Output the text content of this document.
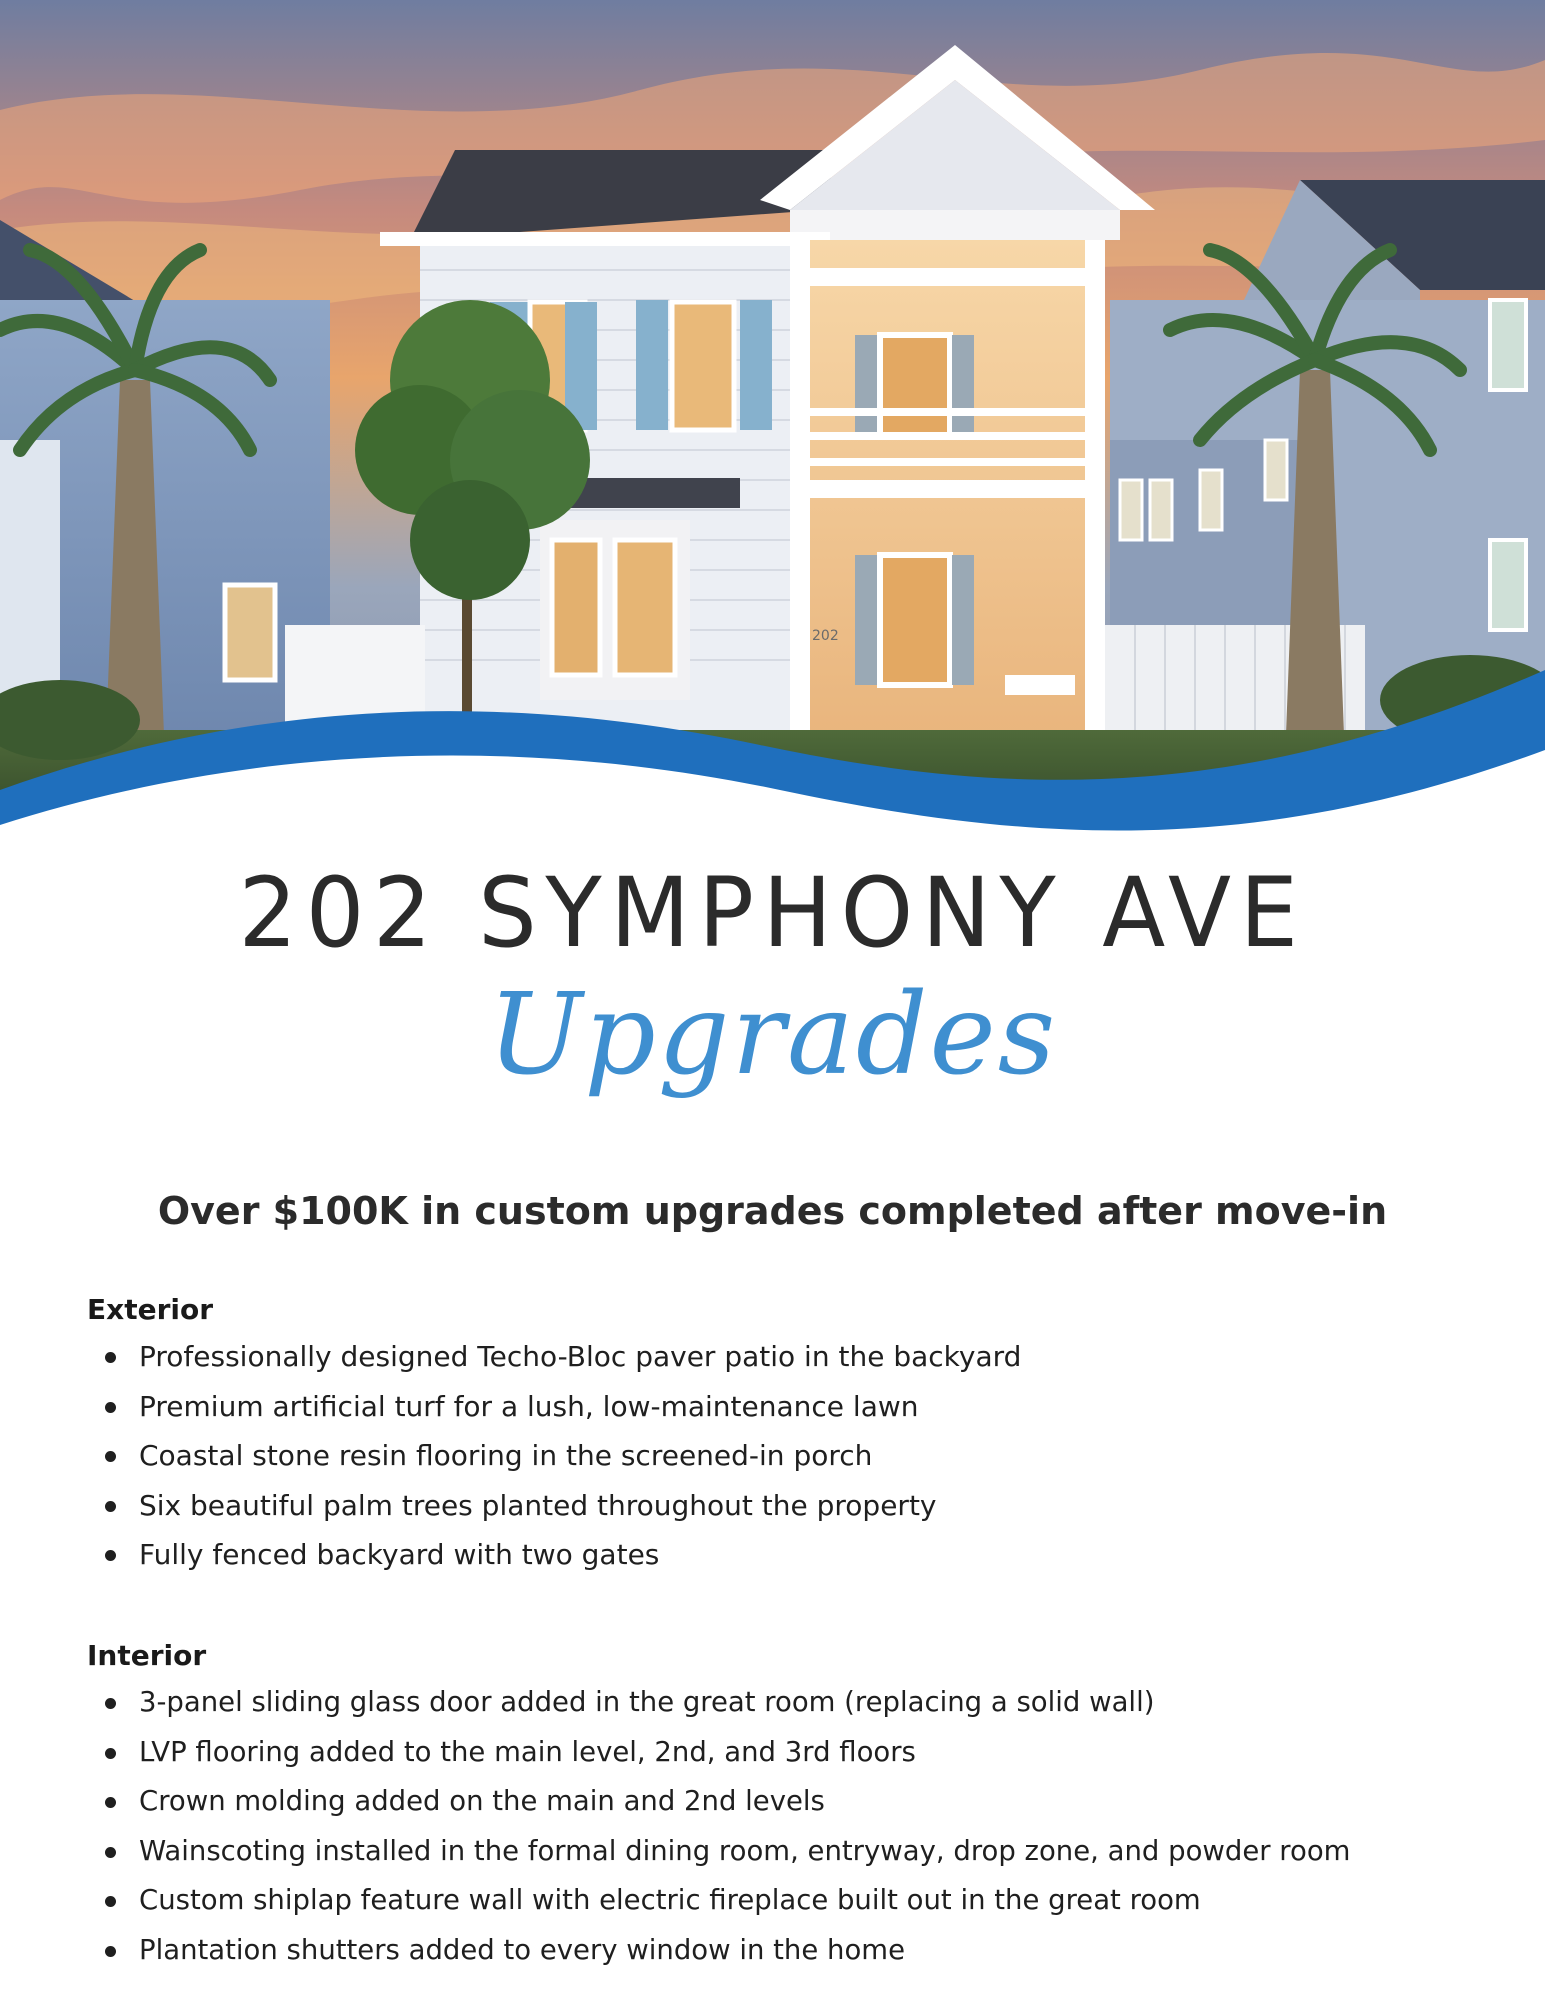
202
202 SYMPHONY AVE
Upgrades
Over $100K in custom upgrades completed after move-in
Exterior
Professionally designed Techo-Bloc paver patio in the backyard
Premium artificial turf for a lush, low-maintenance lawn
Coastal stone resin flooring in the screened-in porch
Six beautiful palm trees planted throughout the property
Fully fenced backyard with two gates
Interior
3-panel sliding glass door added in the great room (replacing a solid wall)
LVP flooring added to the main level, 2nd, and 3rd floors
Crown molding added on the main and 2nd levels
Wainscoting installed in the formal dining room, entryway, drop zone, and powder room
Custom shiplap feature wall with electric fireplace built out in the great room
Plantation shutters added to every window in the home
